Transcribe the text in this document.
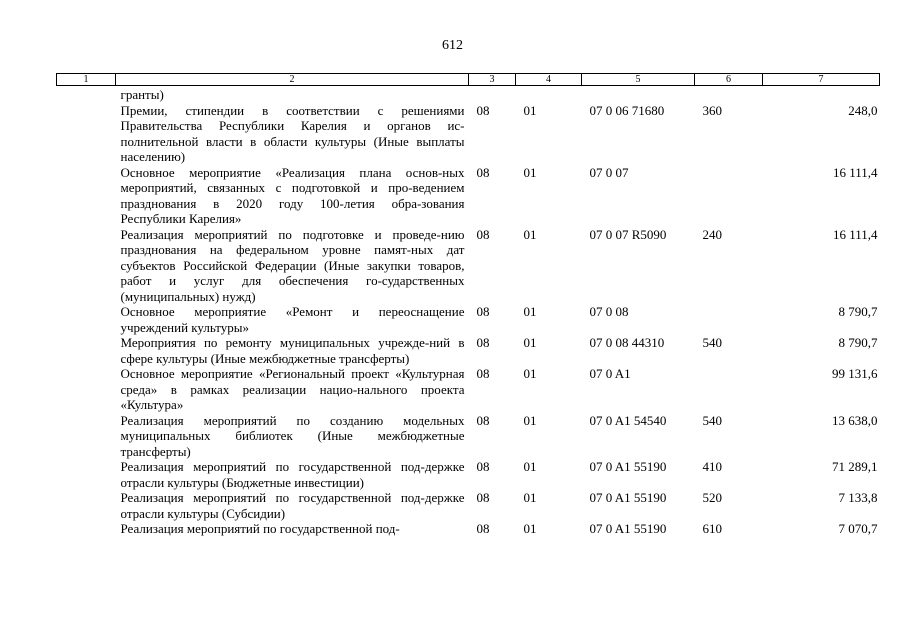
612
1	2	3	4	5	6	7
	гранты)					
	Премии, стипендии в соответствии с решениями Правительства Республики Карелия и органов ис-полнительной власти в области культуры (Иные выплаты населению)	08	01	07 0 06 71680	360	248,0
	Основное мероприятие «Реализация плана основ-ных мероприятий, связанных с подготовкой и про-ведением празднования в 2020 году 100-летия обра-зования Республики Карелия»	08	01	07 0 07		16 111,4
	Реализация мероприятий по подготовке и проведе-нию празднования на федеральном уровне памят-ных дат субъектов Российской Федерации (Иные закупки товаров, работ и услуг для обеспечения го-сударственных (муниципальных) нужд)	08	01	07 0 07 R5090	240	16 111,4
	Основное мероприятие «Ремонт и переоснащение учреждений культуры»	08	01	07 0 08		8 790,7
	Мероприятия по ремонту муниципальных учрежде-ний в сфере культуры (Иные межбюджетные трансферты)	08	01	07 0 08 44310	540	8 790,7
	Основное мероприятие «Региональный проект «Культурная среда» в рамках реализации нацио-нального проекта «Культура»	08	01	07 0 A1		99 131,6
	Реализация мероприятий по созданию модельных муниципальных библиотек (Иные межбюджетные трансферты)	08	01	07 0 A1 54540	540	13 638,0
	Реализация мероприятий по государственной под-держке отрасли культуры (Бюджетные инвестиции)	08	01	07 0 A1 55190	410	71 289,1
	Реализация мероприятий по государственной под-держке отрасли культуры (Субсидии)	08	01	07 0 A1 55190	520	7 133,8
	Реализация мероприятий по государственной под-	08	01	07 0 A1 55190	610	7 070,7
